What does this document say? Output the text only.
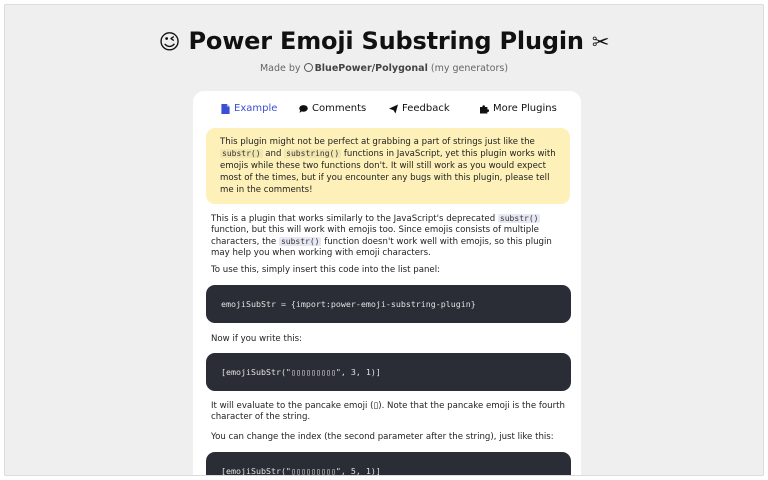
😉 Power Emoji Substring Plugin ✂
Made by BluePower/Polygonal (my generators)
Example	Comments	Feedback	More Plugins
This plugin might not be perfect at grabbing a part of strings just like the substr() and substring() functions in JavaScript, yet this plugin works with emojis while these two functions don't. It will still work as you would expect most of the times, but if you encounter any bugs with this plugin, please tell me in the comments!
This is a plugin that works similarly to the JavaScript's deprecated substr() function, but this will work with emojis too. Since emojis consists of multiple characters, the substr() function doesn't work well with emojis, so this plugin may help you when working with emoji characters.
To use this, simply insert this code into the list panel:
emojiSubStr = {import:power-emoji-substring-plugin}
Now if you write this:
[emojiSubStr("▯▯▯▯▯▯▯▯▯", 3, 1)]
It will evaluate to the pancake emoji (▯). Note that the pancake emoji is the fourth character of the string.
You can change the index (the second parameter after the string), just like this:
[emojiSubStr("▯▯▯▯▯▯▯▯▯", 5, 1)]
